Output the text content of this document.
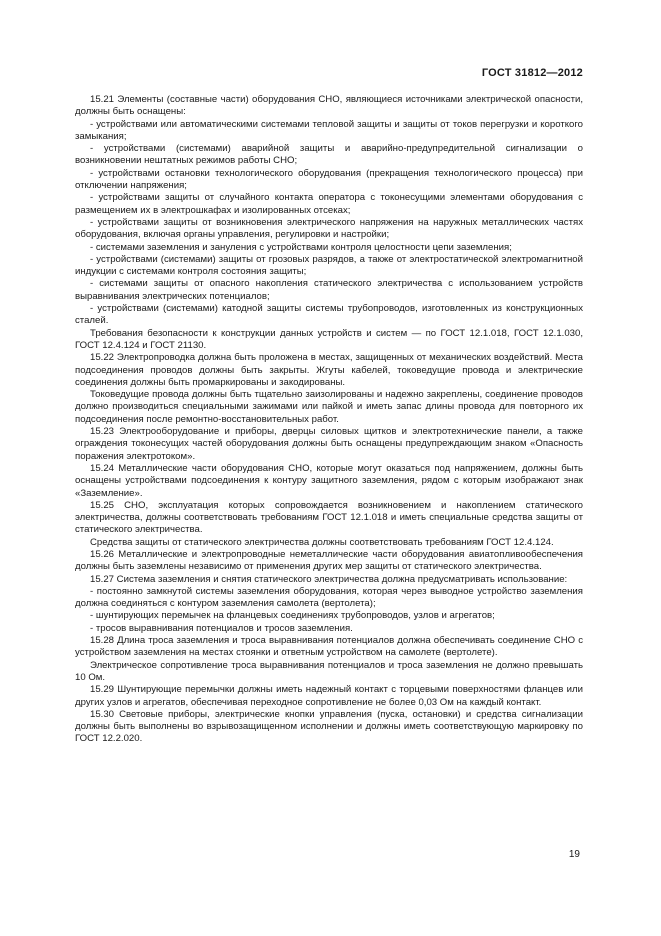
ГОСТ 31812—2012

15.21 Элементы (составные части) оборудования СНО, являющиеся источниками электрической опасности, должны быть оснащены:

- устройствами или автоматическими системами тепловой защиты и защиты от токов перегрузки и короткого замыкания;

- устройствами (системами) аварийной защиты и аварийно-предупредительной сигнализации о возникновении нештатных режимов работы СНО;

- устройствами остановки технологического оборудования (прекращения технологического процесса) при отключении напряжения;

- устройствами защиты от случайного контакта оператора с токонесущими элементами оборудования с размещением их в электрошкафах и изолированных отсеках;

- устройствами защиты от возникновения электрического напряжения на наружных металлических частях оборудования, включая органы управления, регулировки и настройки;

- системами заземления и зануления с устройствами контроля целостности цепи заземления;

- устройствами (системами) защиты от грозовых разрядов, а также от электростатической электромагнитной индукции с системами контроля состояния защиты;

- системами защиты от опасного накопления статического электричества с использованием устройств выравнивания электрических потенциалов;

- устройствами (системами) катодной защиты системы трубопроводов, изготовленных из конструкционных сталей.

Требования безопасности к конструкции данных устройств и систем — по ГОСТ 12.1.018, ГОСТ 12.1.030, ГОСТ 12.4.124 и ГОСТ 21130.

15.22 Электропроводка должна быть проложена в местах, защищенных от механических воздействий. Места подсоединения проводов должны быть закрыты. Жгуты кабелей, токоведущие провода и электрические соединения должны быть промаркированы и закодированы.

Токоведущие провода должны быть тщательно заизолированы и надежно закреплены, соединение проводов должно производиться специальными зажимами или пайкой и иметь запас длины провода для повторного их подсоединения после ремонтно-восстановительных работ.

15.23 Электрооборудование и приборы, дверцы силовых щитков и электротехнические панели, а также ограждения токонесущих частей оборудования должны быть оснащены предупреждающим знаком «Опасность поражения электротоком».

15.24 Металлические части оборудования СНО, которые могут оказаться под напряжением, должны быть оснащены устройствами подсоединения к контуру защитного заземления, рядом с которым изображают знак «Заземление».

15.25 СНО, эксплуатация которых сопровождается возникновением и накоплением статического электричества, должны соответствовать требованиям ГОСТ 12.1.018 и иметь специальные средства защиты от статического электричества.

Средства защиты от статического электричества должны соответствовать требованиям ГОСТ 12.4.124.

15.26 Металлические и электропроводные неметаллические части оборудования авиатопливообеспечения должны быть заземлены независимо от применения других мер защиты от статического электричества.

15.27 Система заземления и снятия статического электричества должна предусматривать использование:

- постоянно замкнутой системы заземления оборудования, которая через выводное устройство заземления должна соединяться с контуром заземления самолета (вертолета);

- шунтирующих перемычек на фланцевых соединениях трубопроводов, узлов и агрегатов;

- тросов выравнивания потенциалов и тросов заземления.

15.28 Длина троса заземления и троса выравнивания потенциалов должна обеспечивать соединение СНО с устройством заземления на местах стоянки и ответным устройством на самолете (вертолете).

Электрическое сопротивление троса выравнивания потенциалов и троса заземления не должно превышать 10 Ом.

15.29 Шунтирующие перемычки должны иметь надежный контакт с торцевыми поверхностями фланцев или других узлов и агрегатов, обеспечивая переходное сопротивление не более 0,03 Ом на каждый контакт.

15.30 Световые приборы, электрические кнопки управления (пуска, остановки) и средства сигнализации должны быть выполнены во взрывозащищенном исполнении и должны иметь соответствующую маркировку по ГОСТ 12.2.020.

19
